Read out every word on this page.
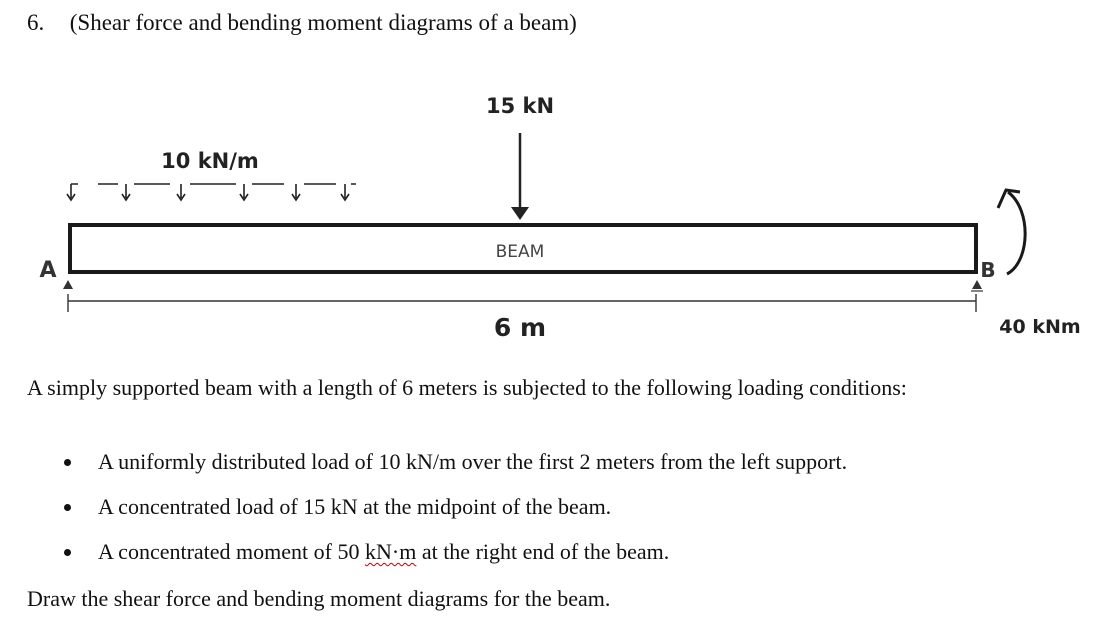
6. (Shear force and bending moment diagrams of a beam)
15 kN
10 kN/m
BEAM
6 m
A	B
40 kNm
A simply supported beam with a length of 6 meters is subjected to the following loading conditions:
A uniformly distributed load of 10 kN/m over the first 2 meters from the left support.
A concentrated load of 15 kN at the midpoint of the beam.
A concentrated moment of 50 kN·m at the right end of the beam.
Draw the shear force and bending moment diagrams for the beam.
